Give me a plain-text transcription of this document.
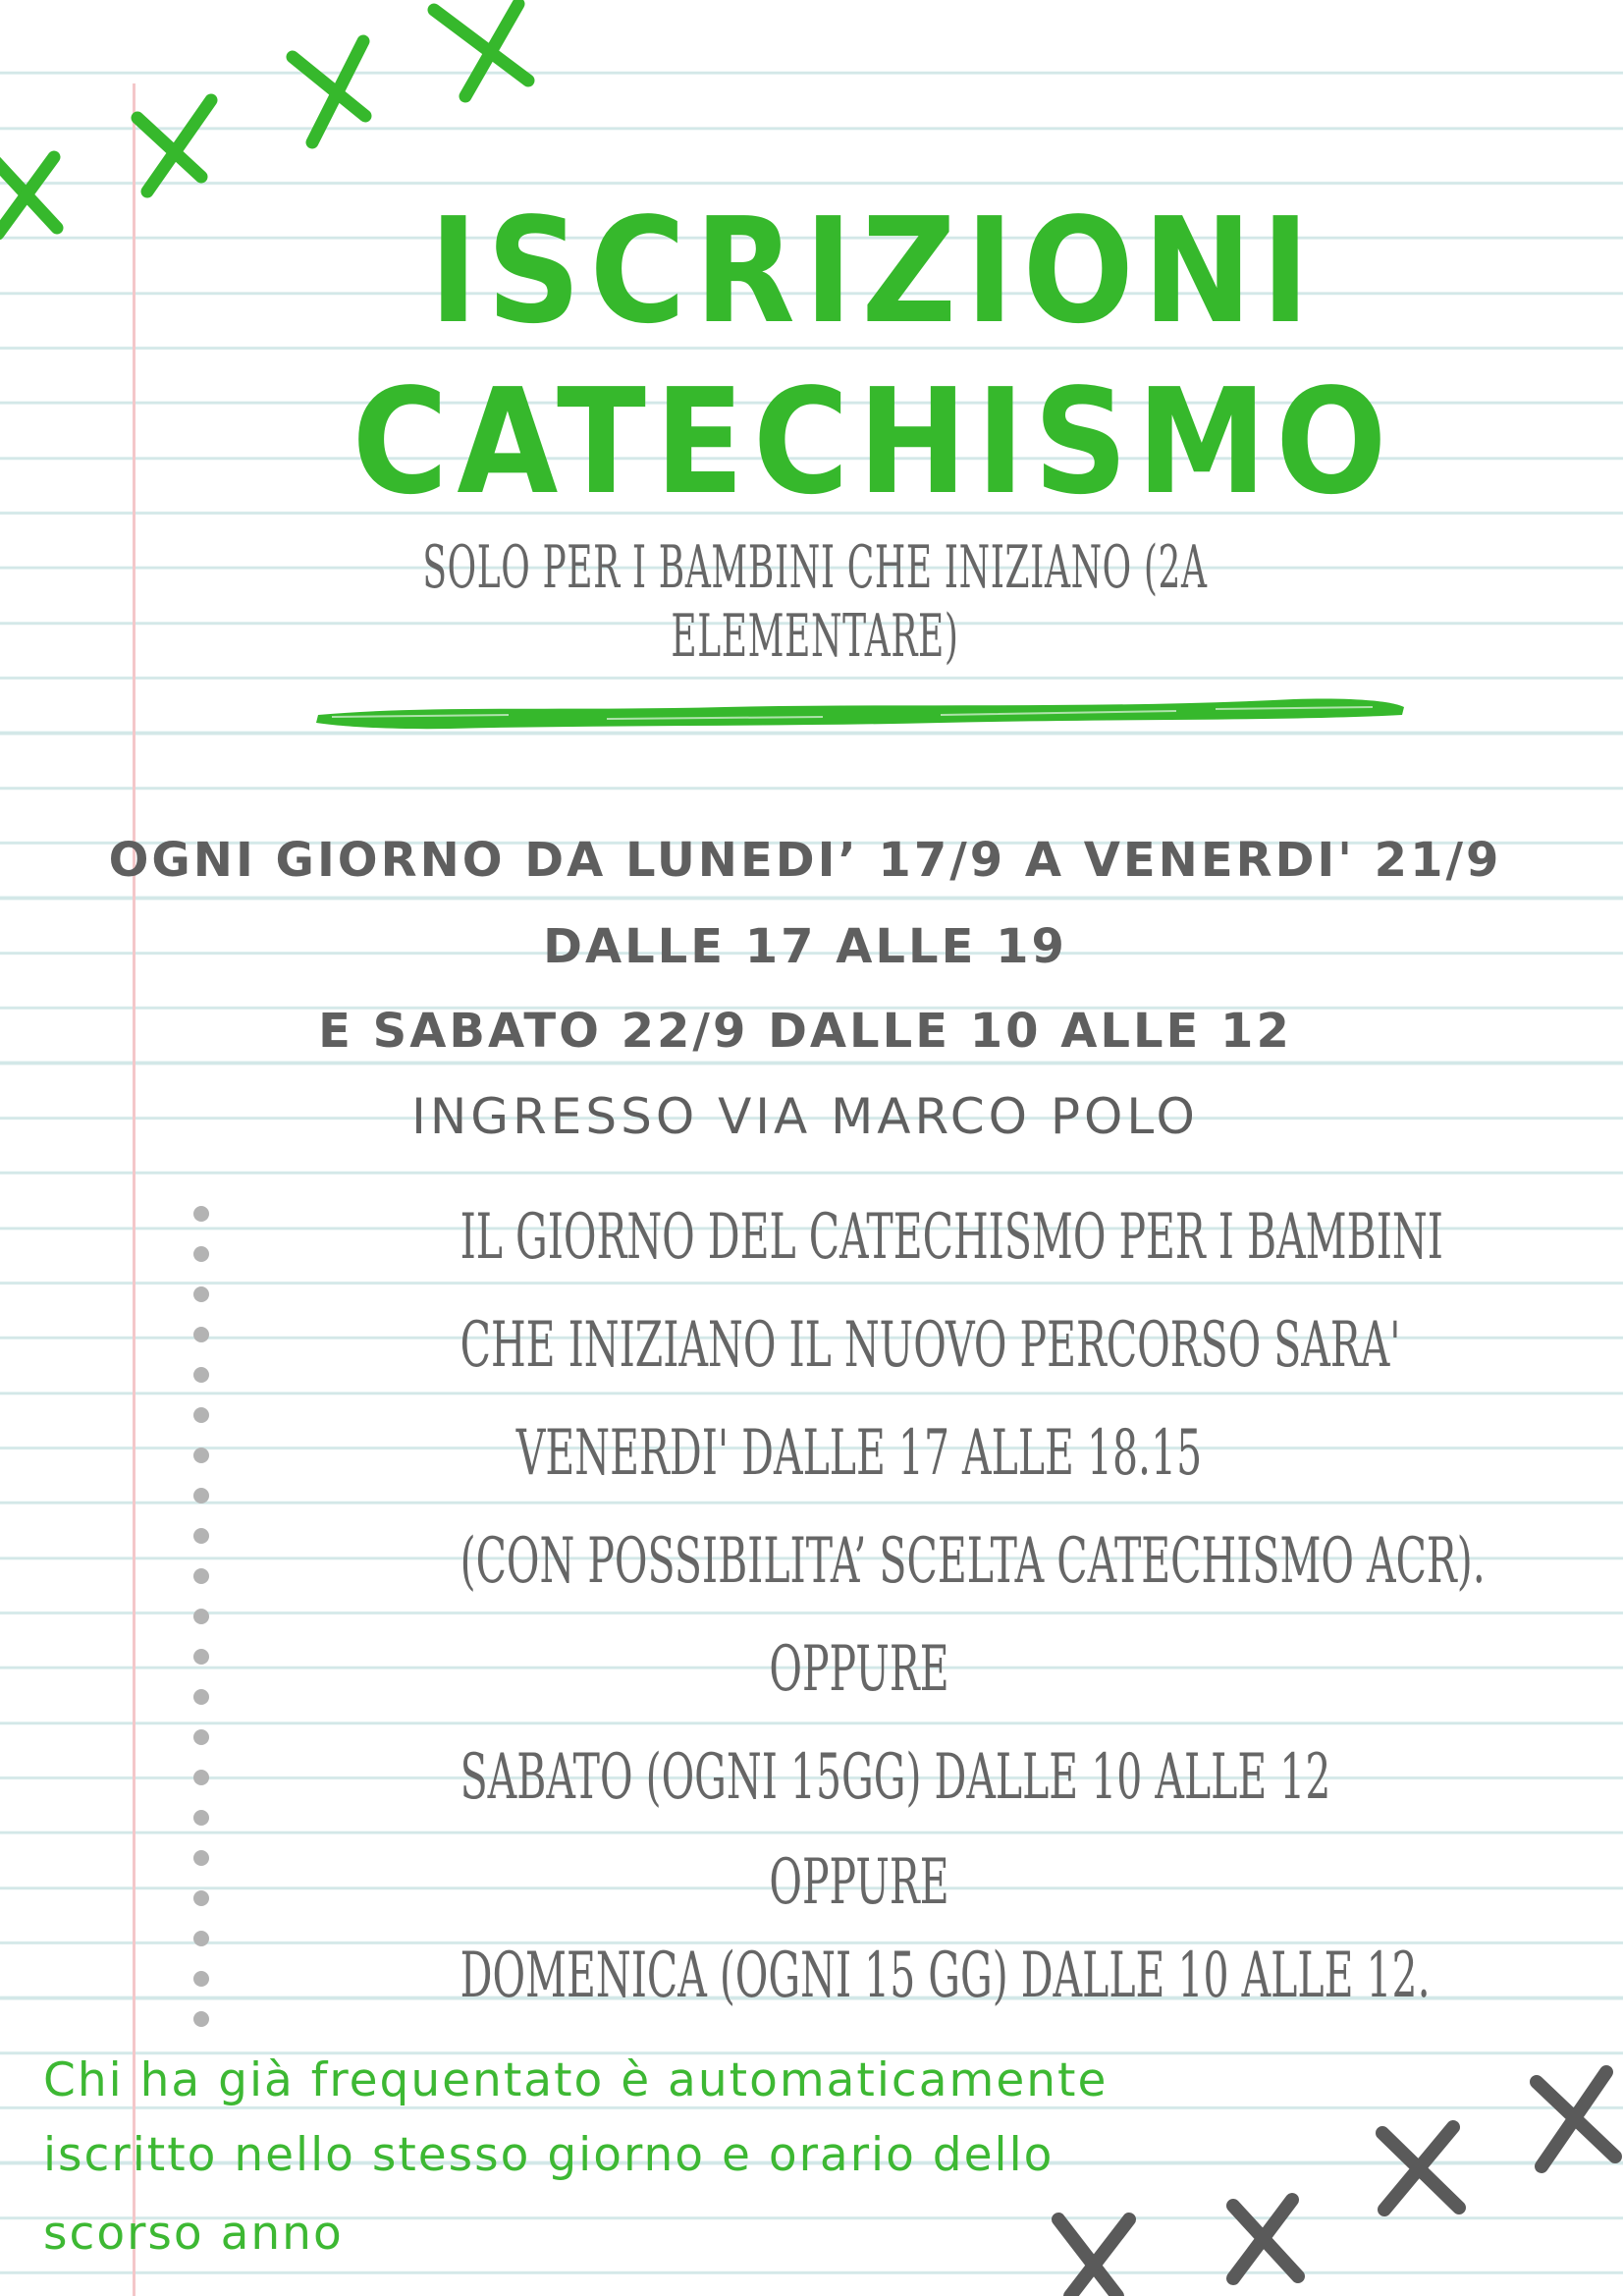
ISCRIZIONI
CATECHISMO
SOLO PER I BAMBINI CHE INIZIANO (2A ELEMENTARE)
OGNI GIORNO DA LUNEDI’ 17/9 A VENERDI' 21/9
DALLE 17 ALLE 19
E SABATO 22/9 DALLE 10 ALLE 12
INGRESSO VIA MARCO POLO
IL GIORNO DEL CATECHISMO PER I BAMBINI
CHE INIZIANO IL NUOVO PERCORSO SARA'
VENERDI' DALLE 17 ALLE 18.15
(CON POSSIBILITA’ SCELTA CATECHISMO ACR).
OPPURE
SABATO (OGNI 15GG) DALLE 10 ALLE 12
OPPURE
DOMENICA (OGNI 15 GG) DALLE 10 ALLE 12.
Chi ha già frequentato è automaticamente
iscritto nello stesso giorno e orario dello
scorso anno
